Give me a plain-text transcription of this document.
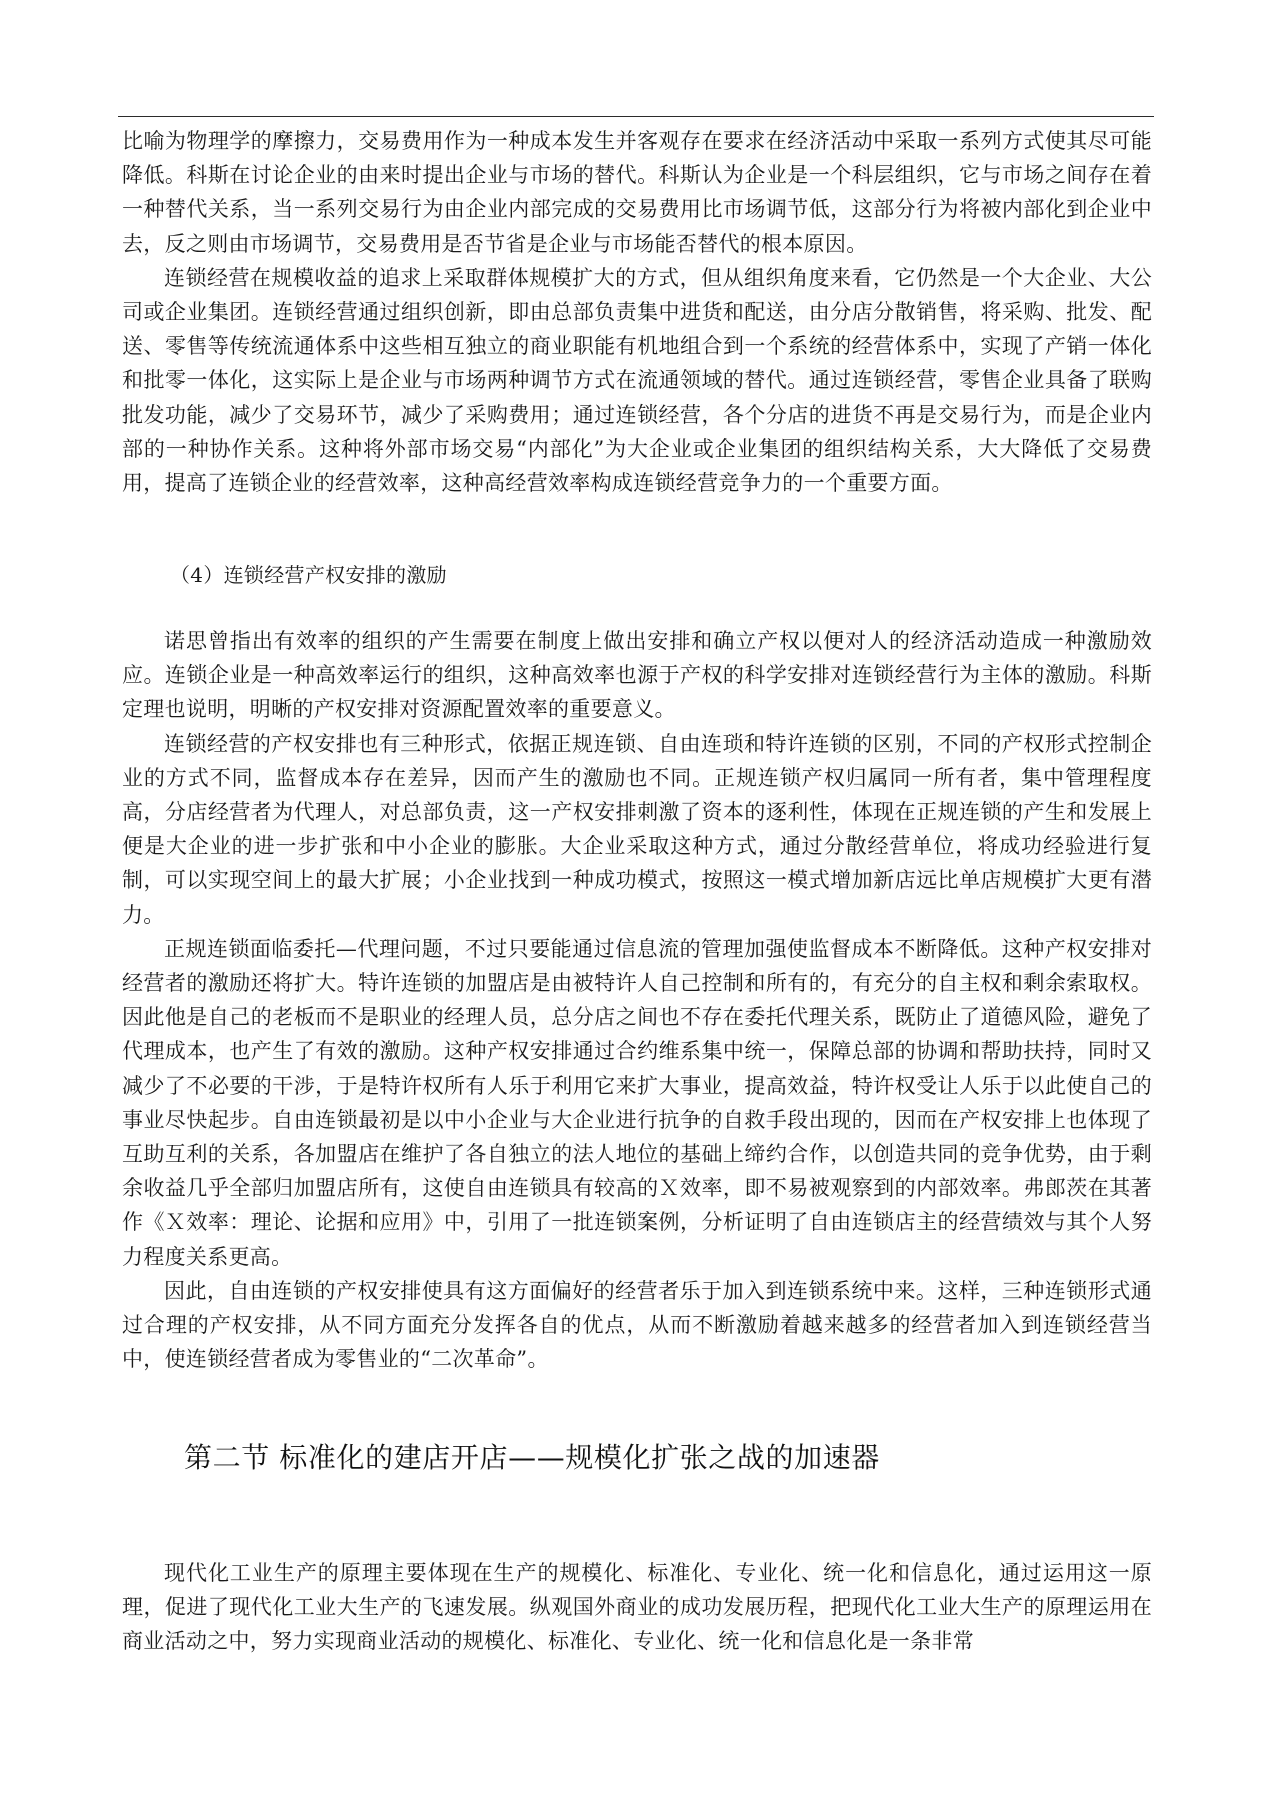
比喻为物理学的摩擦力，交易费用作为一种成本发生并客观存在要求在经济活动中采取一系列方式使其尽可能降低。科斯在讨论企业的由来时提出企业与市场的替代。科斯认为企业是一个科层组织，它与市场之间存在着一种替代关系，当一系列交易行为由企业内部完成的交易费用比市场调节低，这部分行为将被内部化到企业中去，反之则由市场调节，交易费用是否节省是企业与市场能否替代的根本原因。

连锁经营在规模收益的追求上采取群体规模扩大的方式，但从组织角度来看，它仍然是一个大企业、大公司或企业集团。连锁经营通过组织创新，即由总部负责集中进货和配送，由分店分散销售，将采购、批发、配送、零售等传统流通体系中这些相互独立的商业职能有机地组合到一个系统的经营体系中，实现了产销一体化和批零一体化，这实际上是企业与市场两种调节方式在流通领域的替代。通过连锁经营，零售企业具备了联购批发功能，减少了交易环节，减少了采购费用；通过连锁经营，各个分店的进货不再是交易行为，而是企业内部的一种协作关系。这种将外部市场交易“内部化”为大企业或企业集团的组织结构关系，大大降低了交易费用，提高了连锁企业的经营效率，这种高经营效率构成连锁经营竞争力的一个重要方面。

（4）连锁经营产权安排的激励

诺思曾指出有效率的组织的产生需要在制度上做出安排和确立产权以便对人的经济活动造成一种激励效应。连锁企业是一种高效率运行的组织，这种高效率也源于产权的科学安排对连锁经营行为主体的激励。科斯定理也说明，明晰的产权安排对资源配置效率的重要意义。

连锁经营的产权安排也有三种形式，依据正规连锁、自由连琐和特许连锁的区别，不同的产权形式控制企业的方式不同，监督成本存在差异，因而产生的激励也不同。正规连锁产权归属同一所有者，集中管理程度高，分店经营者为代理人，对总部负责，这一产权安排刺激了资本的逐利性，体现在正规连锁的产生和发展上便是大企业的进一步扩张和中小企业的膨胀。大企业采取这种方式，通过分散经营单位，将成功经验进行复制，可以实现空间上的最大扩展；小企业找到一种成功模式，按照这一模式增加新店远比单店规模扩大更有潜力。

正规连锁面临委托—代理问题，不过只要能通过信息流的管理加强使监督成本不断降低。这种产权安排对经营者的激励还将扩大。特许连锁的加盟店是由被特许人自己控制和所有的，有充分的自主权和剩余索取权。因此他是自己的老板而不是职业的经理人员，总分店之间也不存在委托代理关系，既防止了道德风险，避免了代理成本，也产生了有效的激励。这种产权安排通过合约维系集中统一，保障总部的协调和帮助扶持，同时又减少了不必要的干涉，于是特许权所有人乐于利用它来扩大事业，提高效益，特许权受让人乐于以此使自己的事业尽快起步。自由连锁最初是以中小企业与大企业进行抗争的自救手段出现的，因而在产权安排上也体现了互助互利的关系，各加盟店在维护了各自独立的法人地位的基础上缔约合作，以创造共同的竞争优势，由于剩余收益几乎全部归加盟店所有，这使自由连锁具有较高的Ｘ效率，即不易被观察到的内部效率。弗郎茨在其著作《Ｘ效率：理论、论据和应用》中，引用了一批连锁案例，分析证明了自由连锁店主的经营绩效与其个人努力程度关系更高。

因此，自由连锁的产权安排使具有这方面偏好的经营者乐于加入到连锁系统中来。这样，三种连锁形式通过合理的产权安排，从不同方面充分发挥各自的优点，从而不断激励着越来越多的经营者加入到连锁经营当中，使连锁经营者成为零售业的“二次革命”。

第二节 标准化的建店开店——规模化扩张之战的加速器

现代化工业生产的原理主要体现在生产的规模化、标准化、专业化、统一化和信息化，通过运用这一原理，促进了现代化工业大生产的飞速发展。纵观国外商业的成功发展历程，把现代化工业大生产的原理运用在商业活动之中，努力实现商业活动的规模化、标准化、专业化、统一化和信息化是一条非常
